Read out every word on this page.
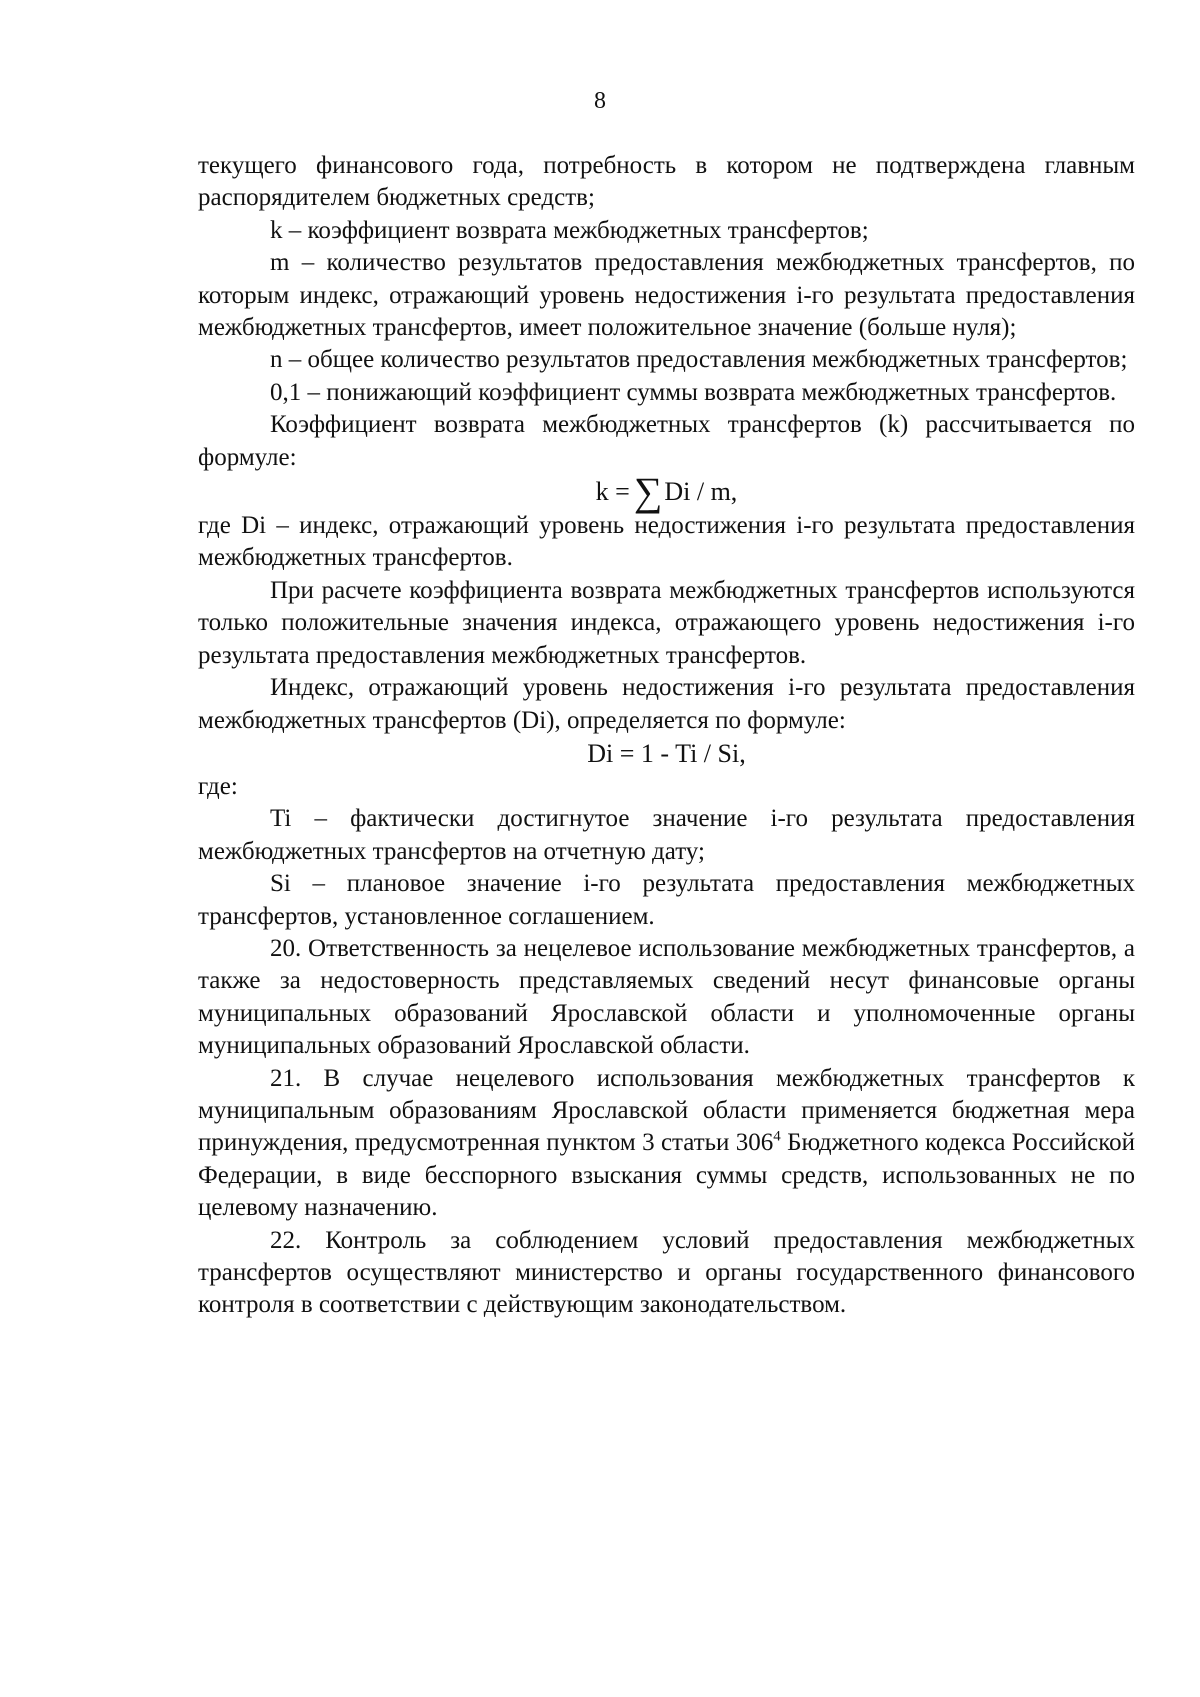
8

текущего финансового года, потребность в котором не подтверждена главным распорядителем бюджетных средств;

k – коэффициент возврата межбюджетных трансфертов;

m – количество результатов предоставления межбюджетных трансфертов, по которым индекс, отражающий уровень недостижения i-го результата предоставления межбюджетных трансфертов, имеет положительное значение (больше нуля);

n – общее количество результатов предоставления межбюджетных трансфертов;

0,1 – понижающий коэффициент суммы возврата межбюджетных трансфертов.

Коэффициент возврата межбюджетных трансфертов (k) рассчитывается по формуле:

k = ∑Di / m,

где Di – индекс, отражающий уровень недостижения i-го результата предоставления межбюджетных трансфертов.

При расчете коэффициента возврата межбюджетных трансфертов используются только положительные значения индекса, отражающего уровень недостижения i-го результата предоставления межбюджетных трансфертов.

Индекс, отражающий уровень недостижения i-го результата предоставления межбюджетных трансфертов (Di), определяется по формуле:

Di = 1 - Ti / Si,

где:

Ti – фактически достигнутое значение i-го результата предоставления межбюджетных трансфертов на отчетную дату;

Si – плановое значение i-го результата предоставления межбюджетных трансфертов, установленное соглашением.

20. Ответственность за нецелевое использование межбюджетных трансфертов, а также за недостоверность представляемых сведений несут финансовые органы муниципальных образований Ярославской области и уполномоченные органы муниципальных образований Ярославской области.

21. В случае нецелевого использования межбюджетных трансфертов к муниципальным образованиям Ярославской области применяется бюджетная мера принуждения, предусмотренная пунктом 3 статьи $306^4$ Бюджетного кодекса Российской Федерации, в виде бесспорного взыскания суммы средств, использованных не по целевому назначению.

22. Контроль за соблюдением условий предоставления межбюджетных трансфертов осуществляют министерство и органы государственного финансового контроля в соответствии с действующим законодательством.
